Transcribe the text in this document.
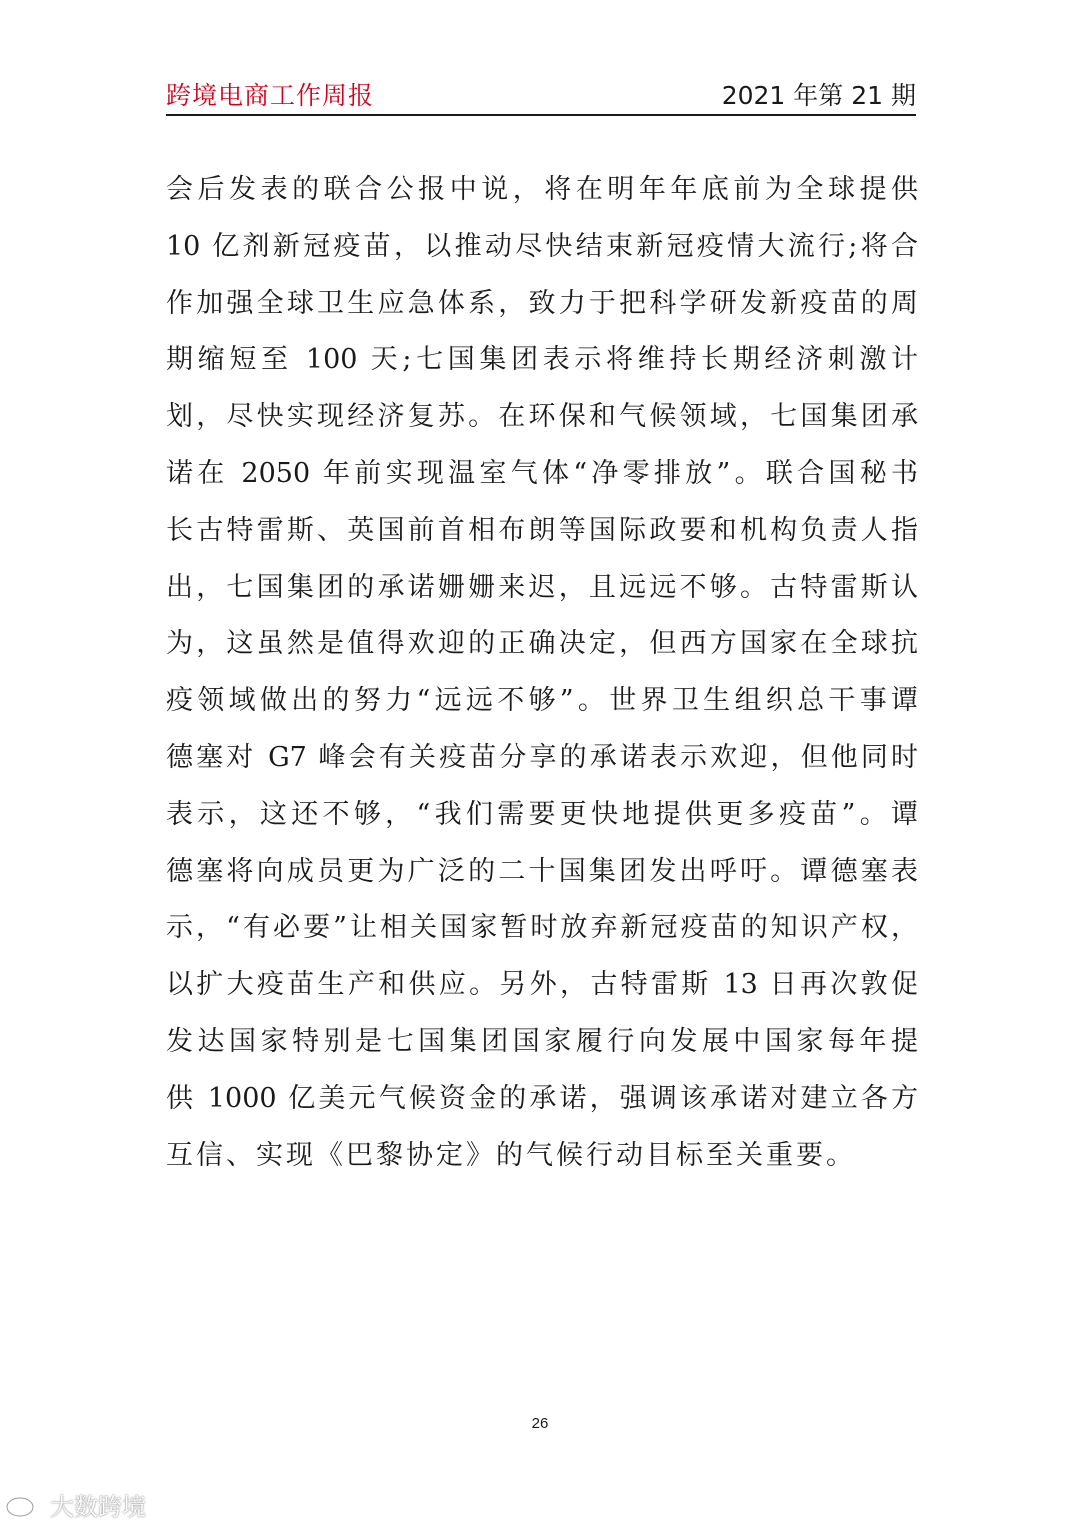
跨境电商工作周报	2021 年第 21 期
会后发表的联合公报中说，将在明年年底前为全球提供
10 亿剂新冠疫苗，以推动尽快结束新冠疫情大流行;将合
作加强全球卫生应急体系，致力于把科学研发新疫苗的周
期缩短至 100 天;七国集团表示将维持长期经济刺激计
划，尽快实现经济复苏。在环保和气候领域，七国集团承
诺在 2050 年前实现温室气体“净零排放”。联合国秘书
长古特雷斯、英国前首相布朗等国际政要和机构负责人指
出，七国集团的承诺姗姗来迟，且远远不够。古特雷斯认
为，这虽然是值得欢迎的正确决定，但西方国家在全球抗
疫领域做出的努力“远远不够”。世界卫生组织总干事谭
德塞对 G7 峰会有关疫苗分享的承诺表示欢迎，但他同时
表示，这还不够，“我们需要更快地提供更多疫苗”。谭
德塞将向成员更为广泛的二十国集团发出呼吁。谭德塞表
示，“有必要”让相关国家暂时放弃新冠疫苗的知识产权，
以扩大疫苗生产和供应。另外，古特雷斯 13 日再次敦促
发达国家特别是七国集团国家履行向发展中国家每年提
供 1000 亿美元气候资金的承诺，强调该承诺对建立各方
互信、实现《巴黎协定》的气候行动目标至关重要。
26
大数跨境
